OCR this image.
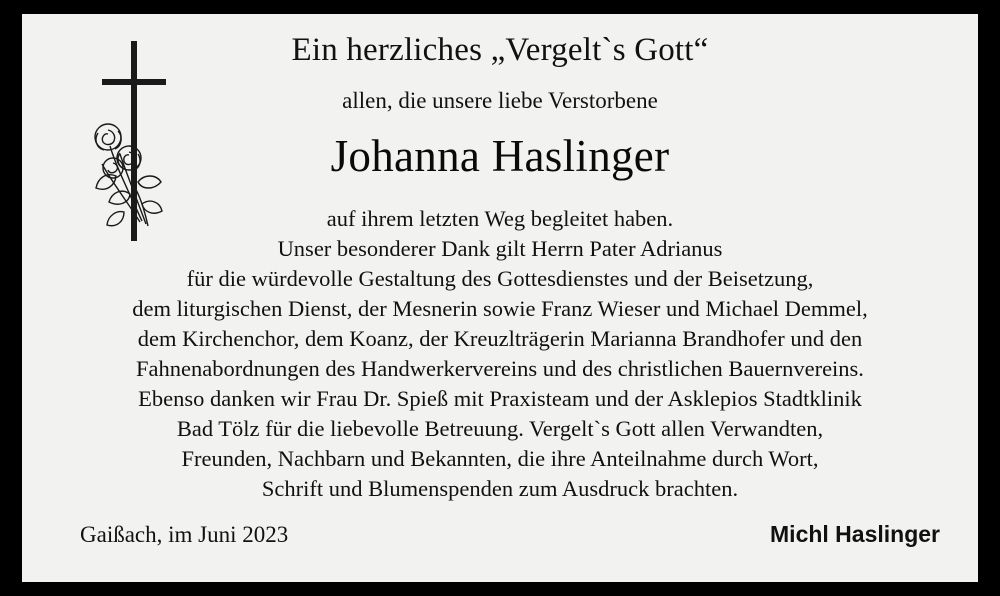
Ein herzliches „Vergelt`s Gott“
allen, die unsere liebe Verstorbene
Johanna Haslinger
auf ihrem letzten Weg begleitet haben.
Unser besonderer Dank gilt Herrn Pater Adrianus
für die würdevolle Gestaltung des Gottesdienstes und der Beisetzung,
dem liturgischen Dienst, der Mesnerin sowie Franz Wieser und Michael Demmel,
dem Kirchenchor, dem Koanz, der Kreuzlträgerin Marianna Brandhofer und den
Fahnenabordnungen des Handwerkervereins und des christlichen Bauernvereins.
Ebenso danken wir Frau Dr. Spieß mit Praxisteam und der Asklepios Stadtklinik
Bad Tölz für die liebevolle Betreuung. Vergelt`s Gott allen Verwandten,
Freunden, Nachbarn und Bekannten, die ihre Anteilnahme durch Wort,
Schrift und Blumenspenden zum Ausdruck brachten.
Gaißach, im Juni 2023	Michl Haslinger
